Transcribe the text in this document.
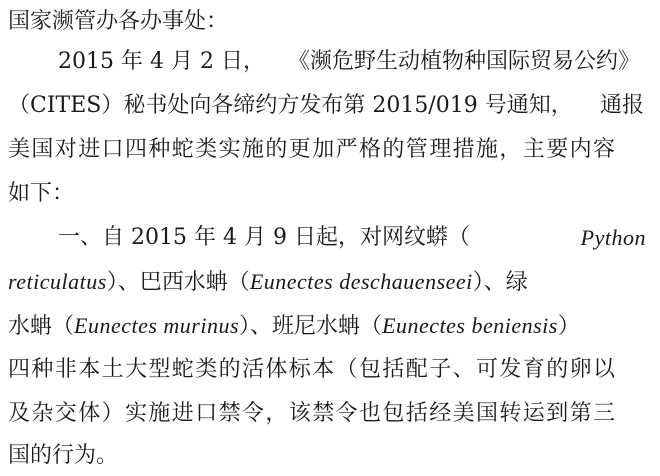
国家濒管办各办事处：
2015 年 4 月 2 日， 《濒危野生动植物种国际贸易公约》
（CITES）秘书处向各缔约方发布第 2015/019 号通知， 通报
美国对进口四种蛇类实施的更加严格的管理措施，主要内容
如下：
一、自 2015 年 4 月 9 日起，对网纹蟒（	Python
reticulatus）、巴西水蚺（Eunectes deschauenseei）、绿
水蚺（Eunectes murinus）、班尼水蚺（Eunectes beniensis）
四种非本土大型蛇类的活体标本（包括配子、可发育的卵以
及杂交体）实施进口禁令，该禁令也包括经美国转运到第三
国的行为。
